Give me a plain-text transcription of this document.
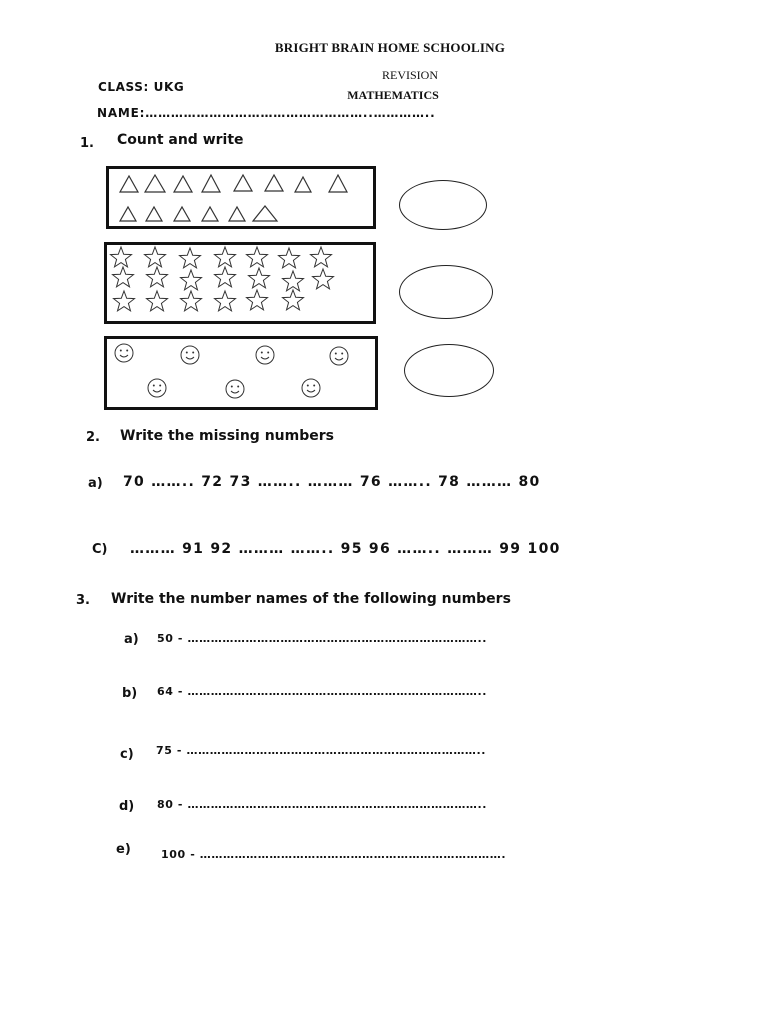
BRIGHT BRAIN HOME SCHOOLING
REVISION
MATHEMATICS
CLASS: UKG
NAME:……………………………………………..…………..
1. Count and write
2. Write the missing numbers
a) 70 …….. 72 73 …….. ……… 76 …….. 78 ……… 80
C) ……… 91 92 ……… …….. 95 96 …….. ……… 99 100
3. Write the number names of the following numbers
a) 50 - …………………………………………………………………..
b) 64 - …………………………………………………………………..
c) 75 - …………………………………………………………………..
d) 80 - …………………………………………………………………..
e)	100 - …………………………………………………………………….
